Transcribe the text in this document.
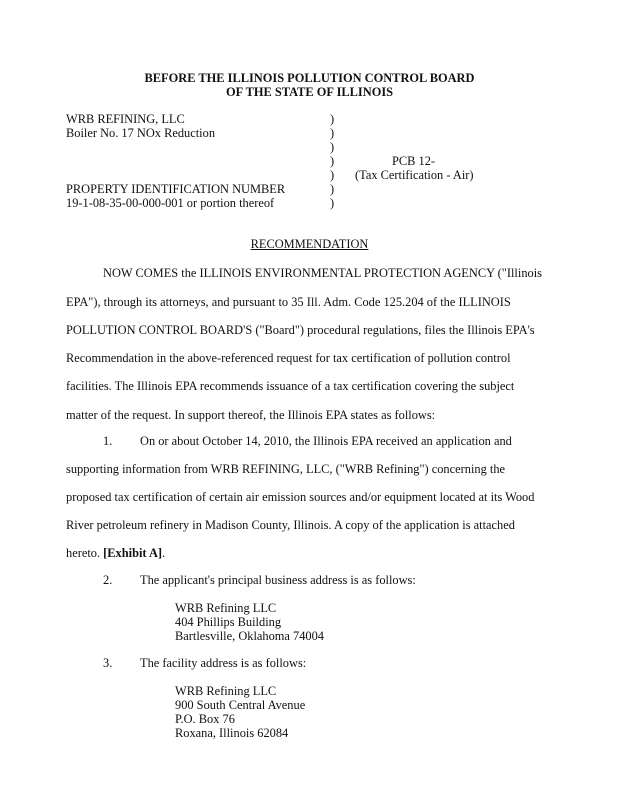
BEFORE THE ILLINOIS POLLUTION CONTROL BOARD
OF THE STATE OF ILLINOIS
WRB REFINING, LLC
Boiler No. 17 NOx Reduction
PROPERTY IDENTIFICATION NUMBER
19-1-08-35-00-000-001 or portion thereof
)
)
)
)
)
)
)
PCB 12-
(Tax Certification - Air)
RECOMMENDATION
NOW COMES the ILLINOIS ENVIRONMENTAL PROTECTION AGENCY ("Illinois
EPA"), through its attorneys, and pursuant to 35 Ill. Adm. Code 125.204 of the ILLINOIS
POLLUTION CONTROL BOARD'S ("Board") procedural regulations, files the Illinois EPA's
Recommendation in the above-referenced request for tax certification of pollution control
facilities. The Illinois EPA recommends issuance of a tax certification covering the subject
matter of the request. In support thereof, the Illinois EPA states as follows:
1. On or about October 14, 2010, the Illinois EPA received an application and
supporting information from WRB REFINING, LLC, ("WRB Refining") concerning the
proposed tax certification of certain air emission sources and/or equipment located at its Wood
River petroleum refinery in Madison County, Illinois. A copy of the application is attached
hereto. [Exhibit A].
2. The applicant's principal business address is as follows:
WRB Refining LLC
404 Phillips Building
Bartlesville, Oklahoma 74004
3. The facility address is as follows:
WRB Refining LLC
900 South Central Avenue
P.O. Box 76
Roxana, Illinois 62084
